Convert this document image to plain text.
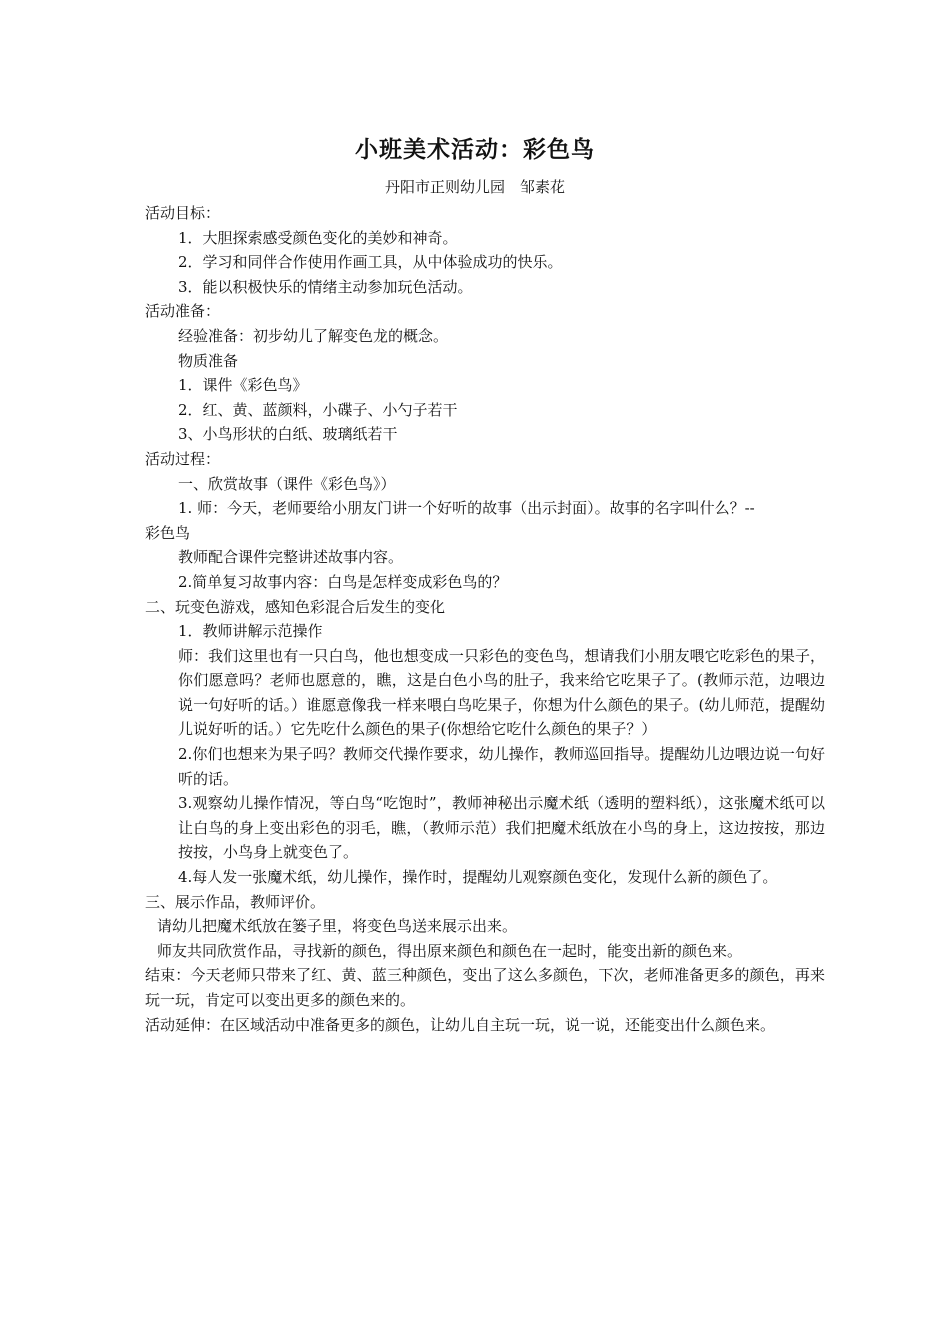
小班美术活动：彩色鸟
丹阳市正则幼儿园　邹素花

活动目标：

1．大胆探索感受颜色变化的美妙和神奇。

2．学习和同伴合作使用作画工具，从中体验成功的快乐。

3．能以积极快乐的情绪主动参加玩色活动。

活动准备：

经验准备：初步幼儿了解变色龙的概念。

物质准备

1．课件《彩色鸟》

2．红、黄、蓝颜料，小碟子、小勺子若干

3、小鸟形状的白纸、玻璃纸若干

活动过程：

一、欣赏故事（课件《彩色鸟》）

1. 师：今天，老师要给小朋友门讲一个好听的故事（出示封面）。故事的名字叫什么？--

彩色鸟

教师配合课件完整讲述故事内容。

2.简单复习故事内容：白鸟是怎样变成彩色鸟的？

二、玩变色游戏，感知色彩混合后发生的变化

1．教师讲解示范操作

师：我们这里也有一只白鸟，他也想变成一只彩色的变色鸟，想请我们小朋友喂它吃彩色的果子，你们愿意吗？老师也愿意的，瞧，这是白色小鸟的肚子，我来给它吃果子了。(教师示范，边喂边说一句好听的话。）谁愿意像我一样来喂白鸟吃果子，你想为什么颜色的果子。(幼儿师范，提醒幼儿说好听的话。）它先吃什么颜色的果子(你想给它吃什么颜色的果子？）

2.你们也想来为果子吗？教师交代操作要求，幼儿操作，教师巡回指导。提醒幼儿边喂边说一句好听的话。

3.观察幼儿操作情况，等白鸟“吃饱时”，教师神秘出示魔术纸（透明的塑料纸），这张魔术纸可以让白鸟的身上变出彩色的羽毛，瞧，（教师示范）我们把魔术纸放在小鸟的身上，这边按按，那边按按，小鸟身上就变色了。

4.每人发一张魔术纸，幼儿操作，操作时，提醒幼儿观察颜色变化，发现什么新的颜色了。

三、展示作品，教师评价。

请幼儿把魔术纸放在篓子里，将变色鸟送来展示出来。

师友共同欣赏作品，寻找新的颜色，得出原来颜色和颜色在一起时，能变出新的颜色来。

结束：今天老师只带来了红、黄、蓝三种颜色，变出了这么多颜色，下次，老师准备更多的颜色，再来玩一玩，肯定可以变出更多的颜色来的。

活动延伸：在区域活动中准备更多的颜色，让幼儿自主玩一玩，说一说，还能变出什么颜色来。
